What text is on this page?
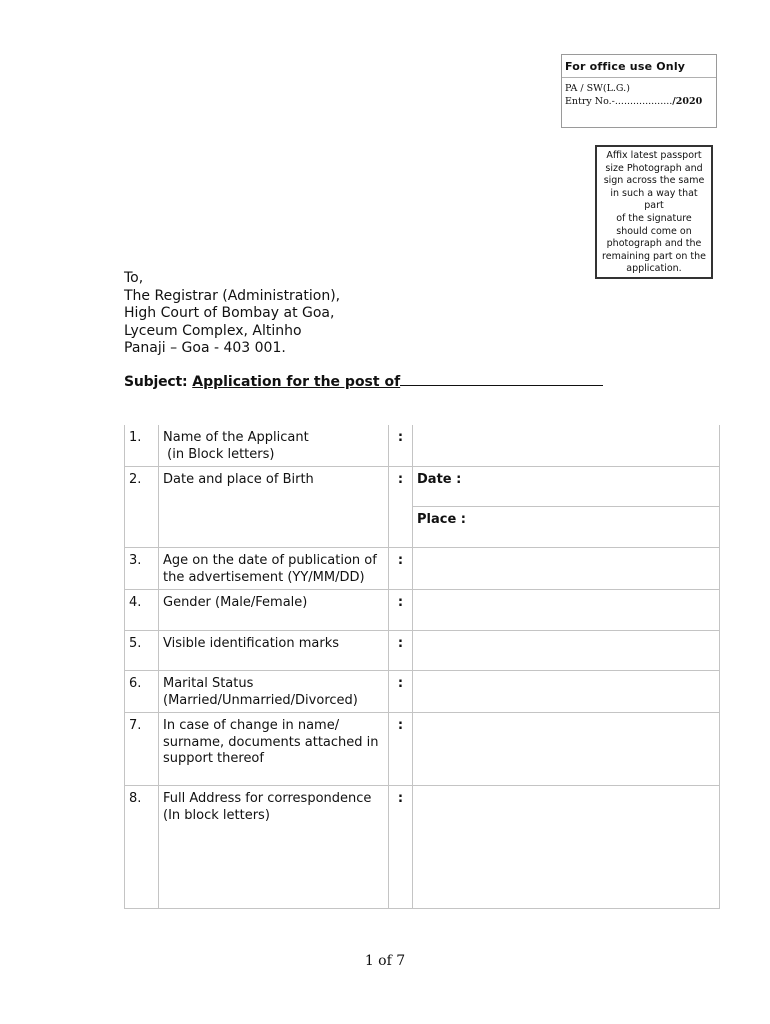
For office use Only
PA / SW(L.G.)
Entry No.-.................../2020
Affix latest passport
size Photograph and
sign across the same
in such a way that
part
of the signature
should come on
photograph and the
remaining part on the
application.
To,
The Registrar (Administration),
High Court of Bombay at Goa,
Lyceum Complex, Altinho
Panaji – Goa - 403 001.
Subject: Application for the post of
1.	Name of the Applicant
(in Block letters)	:	
2.	Date and place of Birth	:	Date :
			Place :
3.	Age on the date of publication of
the advertisement (YY/MM/DD)	:	
4.	Gender (Male/Female)	:	
5.	Visible identification marks	:	
6.	Marital Status
(Married/Unmarried/Divorced)	:	
7.	In case of change in name/
surname, documents attached in
support thereof	:	
8.	Full Address for correspondence
(In block letters)	:	
1 of 7
